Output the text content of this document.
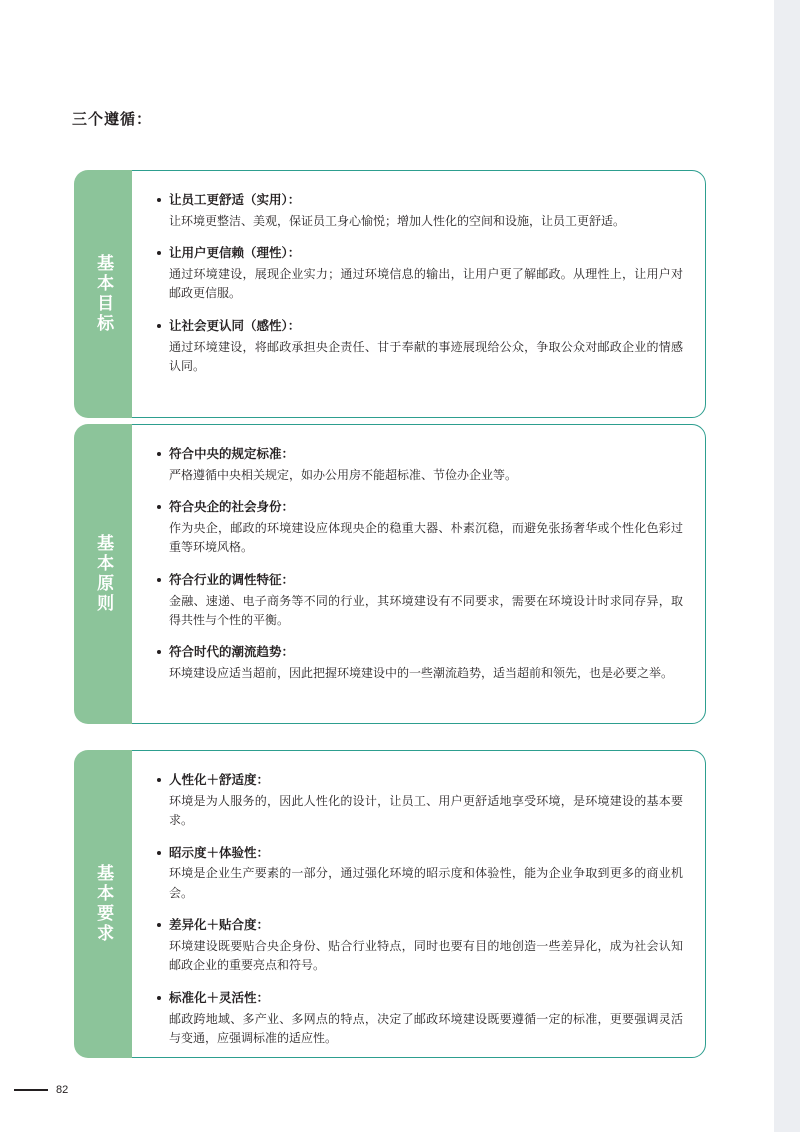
三个遵循：
基本目标
让员工更舒适（实用）：
让环境更整洁、美观，保证员工身心愉悦；增加人性化的空间和设施，让员工更舒适。
让用户更信赖（理性）：
通过环境建设，展现企业实力；通过环境信息的输出，让用户更了解邮政。从理性上，让用户对邮政更信服。
让社会更认同（感性）：
通过环境建设，将邮政承担央企责任、甘于奉献的事迹展现给公众，争取公众对邮政企业的情感认同。
基本原则
符合中央的规定标准：
严格遵循中央相关规定，如办公用房不能超标准、节俭办企业等。
符合央企的社会身份：
作为央企，邮政的环境建设应体现央企的稳重大器、朴素沉稳，而避免张扬奢华或个性化色彩过重等环境风格。
符合行业的调性特征：
金融、速递、电子商务等不同的行业，其环境建设有不同要求，需要在环境设计时求同存异，取得共性与个性的平衡。
符合时代的潮流趋势：
环境建设应适当超前，因此把握环境建设中的一些潮流趋势，适当超前和领先，也是必要之举。
基本要求
人性化＋舒适度：
环境是为人服务的，因此人性化的设计，让员工、用户更舒适地享受环境，是环境建设的基本要求。
昭示度＋体验性：
环境是企业生产要素的一部分，通过强化环境的昭示度和体验性，能为企业争取到更多的商业机会。
差异化＋贴合度：
环境建设既要贴合央企身份、贴合行业特点，同时也要有目的地创造一些差异化，成为社会认知邮政企业的重要亮点和符号。
标准化＋灵活性：
邮政跨地域、多产业、多网点的特点，决定了邮政环境建设既要遵循一定的标准，更要强调灵活与变通，应强调标准的适应性。
82
